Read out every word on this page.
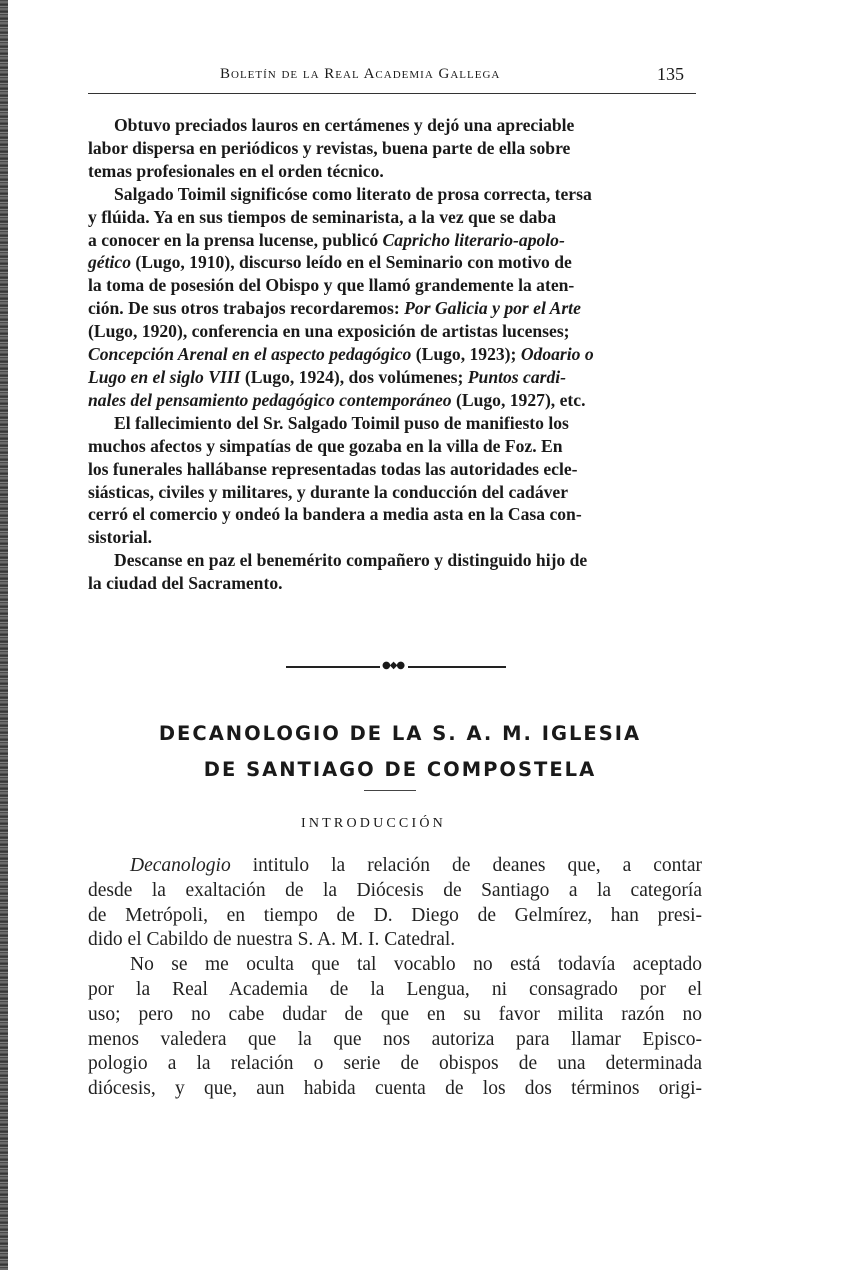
Boletín de la Real Academia Gallega	135

Obtuvo preciados lauros en certámenes y dejó una apreciable
labor dispersa en periódicos y revistas, buena parte de ella sobre
temas profesionales en el orden técnico.

Salgado Toimil significóse como literato de prosa correcta, tersa
y flúida. Ya en sus tiempos de seminarista, a la vez que se daba
a conocer en la prensa lucense, publicó Capricho literario-apolo-
gético (Lugo, 1910), discurso leído en el Seminario con motivo de
la toma de posesión del Obispo y que llamó grandemente la aten-
ción. De sus otros trabajos recordaremos: Por Galicia y por el Arte
(Lugo, 1920), conferencia en una exposición de artistas lucenses;
Concepción Arenal en el aspecto pedagógico (Lugo, 1923); Odoario o
Lugo en el siglo VIII (Lugo, 1924), dos volúmenes; Puntos cardi-
nales del pensamiento pedagógico contemporáneo (Lugo, 1927), etc.

El fallecimiento del Sr. Salgado Toimil puso de manifiesto los
muchos afectos y simpatías de que gozaba en la villa de Foz. En
los funerales hallábanse representadas todas las autoridades ecle-
siásticas, civiles y militares, y durante la conducción del cadáver
cerró el comercio y ondeó la bandera a media asta en la Casa con-
sistorial.

Descanse en paz el benemérito compañero y distinguido hijo de
la ciudad del Sacramento.

●◆●
DECANOLOGIO DE LA S. A. M. IGLESIA
DE SANTIAGO DE COMPOSTELA
INTRODUCCIÓN
Decanologio intitulo la relación de deanes que, a contar
desde la exaltación de la Diócesis de Santiago a la categoría
de Metrópoli, en tiempo de D. Diego de Gelmírez, han presi-
dido el Cabildo de nuestra S. A. M. I. Catedral.
No se me oculta que tal vocablo no está todavía aceptado
por la Real Academia de la Lengua, ni consagrado por el
uso; pero no cabe dudar de que en su favor milita razón no
menos valedera que la que nos autoriza para llamar Episco-
pologio a la relación o serie de obispos de una determinada
diócesis, y que, aun habida cuenta de los dos términos origi-
